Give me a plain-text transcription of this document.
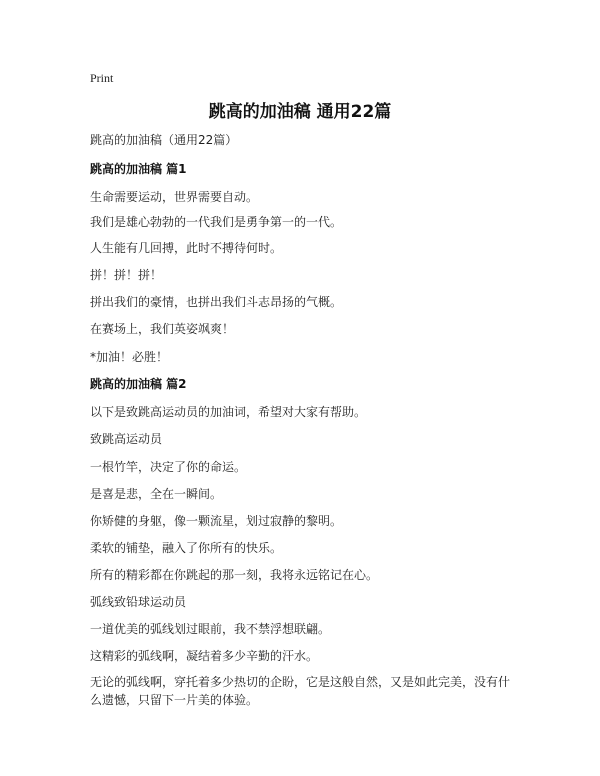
Print
跳高的加油稿 通用22篇
跳高的加油稿（通用22篇）
跳高的加油稿 篇1
生命需要运动，世界需要自动。
我们是雄心勃勃的一代我们是勇争第一的一代。
人生能有几回搏，此时不搏待何时。
拼！拼！拼！
拼出我们的豪情，也拼出我们斗志昂扬的气概。
在赛场上，我们英姿飒爽！
*加油！必胜！
跳高的加油稿 篇2
以下是致跳高运动员的加油词，希望对大家有帮助。
致跳高运动员
一根竹竿，决定了你的命运。
是喜是悲，全在一瞬间。
你矫健的身躯，像一颗流星，划过寂静的黎明。
柔软的铺垫，融入了你所有的快乐。
所有的精彩都在你跳起的那一刻，我将永远铭记在心。
弧线致铅球运动员
一道优美的弧线划过眼前，我不禁浮想联翩。
这精彩的弧线啊，凝结着多少辛勤的汗水。
无论的弧线啊，穿托着多少热切的企盼，它是这般自然，又是如此完美，没有什么遗憾，只留下一片美的体验。
